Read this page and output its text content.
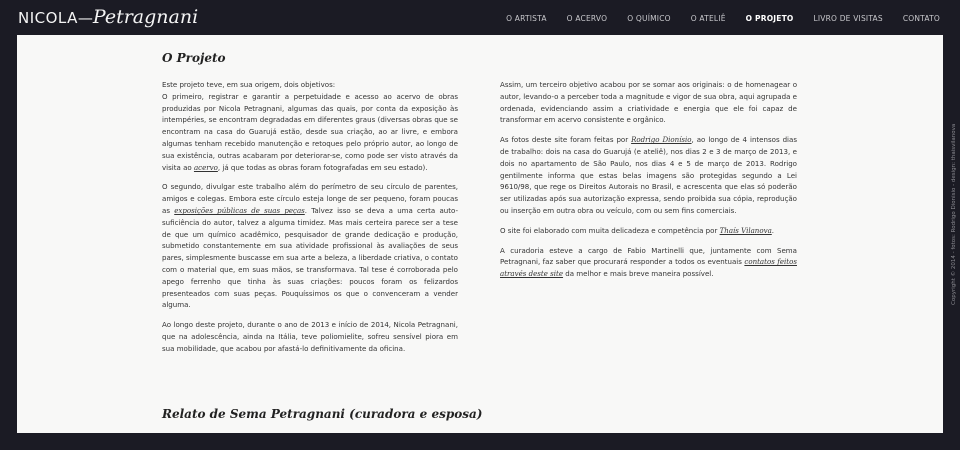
NICOLA—Petragnani	O ARTISTA	O ACERVO	O QUÍMICO	O ATELIÊ	O PROJETO	LIVRO DE VISITAS	CONTATO
O Projeto

Este projeto teve, em sua origem, dois objetivos:
O primeiro, registrar e garantir a perpetuidade e acesso ao acervo de obras produzidas por Nicola Petragnani, algumas das quais, por conta da exposição às intempéries, se encontram degradadas em diferentes graus (diversas obras que se encontram na casa do Guarujá estão, desde sua criação, ao ar livre, e embora algumas tenham recebido manutenção e retoques pelo próprio autor, ao longo de sua existência, outras acabaram por deteriorar-se, como pode ser visto através da visita ao acervo, já que todas as obras foram fotografadas em seu estado).

O segundo, divulgar este trabalho além do perímetro de seu círculo de parentes, amigos e colegas. Embora este círculo esteja longe de ser pequeno, foram poucas as exposições públicas de suas peças. Talvez isso se deva a uma certa auto-suficiência do autor, talvez a alguma timidez. Mas mais certeira parece ser a tese de que um químico acadêmico, pesquisador de grande dedicação e produção, submetido constantemente em sua atividade profissional às avaliações de seus pares, simplesmente buscasse em sua arte a beleza, a liberdade criativa, o contato com o material que, em suas mãos, se transformava. Tal tese é corroborada pelo apego ferrenho que tinha às suas criações: poucos foram os felizardos presenteados com suas peças. Pouquíssimos os que o convenceram a vender alguma.

Ao longo deste projeto, durante o ano de 2013 e início de 2014, Nicola Petragnani, que na adolescência, ainda na Itália, teve poliomielite, sofreu sensível piora em sua mobilidade, que acabou por afastá-lo definitivamente da oficina.

Assim, um terceiro objetivo acabou por se somar aos originais: o de homenagear o autor, levando-o a perceber toda a magnitude e vigor de sua obra, aqui agrupada e ordenada, evidenciando assim a criatividade e energia que ele foi capaz de transformar em acervo consistente e orgânico.

As fotos deste site foram feitas por Rodrigo Dionísio, ao longo de 4 intensos dias de trabalho: dois na casa do Guarujá (e ateliê), nos dias 2 e 3 de março de 2013, e dois no apartamento de São Paulo, nos dias 4 e 5 de março de 2013. Rodrigo gentilmente informa que estas belas imagens são protegidas segundo a Lei 9610/98, que rege os Direitos Autorais no Brasil, e acrescenta que elas só poderão ser utilizadas após sua autorização expressa, sendo proibida sua cópia, reprodução ou inserção em outra obra ou veículo, com ou sem fins comerciais.

O site foi elaborado com muita delicadeza e competência por Thaís Vilanova.

A curadoria esteve a cargo de Fabio Martinelli que, juntamente com Sema Petragnani, faz saber que procurará responder a todos os eventuais contatos feitos através deste site da melhor e mais breve maneira possível.

Relato de Sema Petragnani (curadora e esposa)
Copyright © 2014 - fotos: Rodrigo Dionisio - design: thaisvilanova
